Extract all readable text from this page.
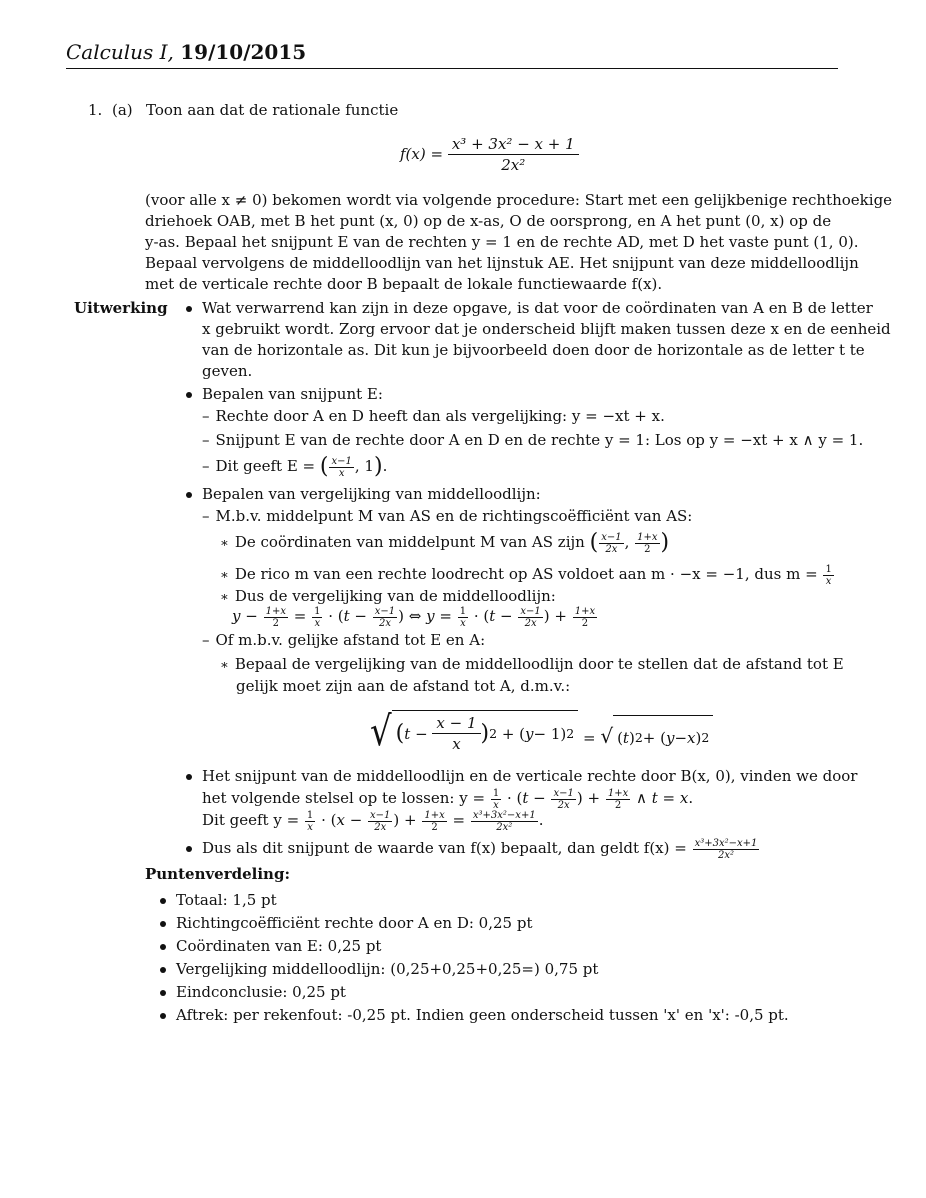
Calculus I, 19/10/2015
1. (a) Toon aan dat de rationale functie
$f(x) = \frac{\text{x³ + 3x² − x + 1}}{\text{2x²}}$
(voor alle x ≠ 0) bekomen wordt via volgende procedure: Start met een gelijkbenige rechthoekige
driehoek OAB, met B het punt (x, 0) op de x-as, O de oorsprong, en A het punt (0, x) op de
y-as. Bepaal het snijpunt E van de rechten y = 1 en de rechte AD, met D het vaste punt (1, 0).
Bepaal vervolgens de middelloodlijn van het lijnstuk AE. Het snijpunt van deze middelloodlijn
met de verticale rechte door B bepaalt de lokale functiewaarde f(x).
Uitwerking	Wat verwarrend kan zijn in deze opgave, is dat voor de coördinaten van A en B de letter
x gebruikt wordt. Zorg ervoor dat je onderscheid blijft maken tussen deze x en de eenheid
van de horizontale as. Dit kun je bijvoorbeeld doen door de horizontale as de letter t te
geven.
Bepalen van snijpunt E:
– Rechte door A en D heeft dan als vergelijking: y = −xt + x.
– Snijpunt E van de rechte door A en D en de rechte y = 1: Los op y = −xt + x ∧ y = 1.
– Dit geeft E = ( $\frac{x-1}{x}$ , 1).
Bepalen van vergelijking van middelloodlijn:
– M.b.v. middelpunt M van AS en de richtingscoëfficiënt van AS:
∗ De coördinaten van middelpunt M van AS zijn ( $\frac{x-1}{2x}$ , $\frac{1+x}{2}$ )
∗ De rico m van een rechte loodrecht op AS voldoet aan m · −x = −1, dus $m = \frac{1}{x}$
∗ Dus de vergelijking van de middelloodlijn:
$y - \frac{1+x}{2} = \frac{1}{x} \cdot (t - \frac{x-1}{2x}$ ) ⇔ $y = \frac{1}{x} \cdot (t - \frac{x-1}{2x}$ ) + $\frac{1+x}{2}$
– Of m.b.v. gelijke afstand tot E en A:
∗ Bepaal de vergelijking van de middelloodlijn door te stellen dat de afstand tot E
gelijk moet zijn aan de afstand tot A, d.m.v.:
√ ( $t - \frac{x - 1}{x}$ ) 2 + ( y − 1) 2 = √ ( t ) 2 + ( y − x ) 2
Het snijpunt van de middelloodlijn en de verticale rechte door B(x, 0), vinden we door
het volgende stelsel op te lossen: $y = \frac{1}{x} \cdot (t - \frac{x-1}{2x}$ ) + $\frac{1+x}{2}$ ∧ t = x.
Dit geeft $y = \frac{1}{x} \cdot (x - \frac{x-1}{2x}$ ) + $\frac{1+x}{2} = \frac{\text{x³+3x²−x+1}}{\text{2x²}}$ .
Dus als dit snijpunt de waarde van f(x) bepaalt, dan geldt $f(x) = \frac{\text{x³+3x²−x+1}}{\text{2x²}}$
Puntenverdeling:
Totaal: 1,5 pt
Richtingcoëfficiënt rechte door A en D: 0,25 pt
Coördinaten van E: 0,25 pt
Vergelijking middelloodlijn: (0,25+0,25+0,25=) 0,75 pt
Eindconclusie: 0,25 pt
Aftrek: per rekenfout: -0,25 pt. Indien geen onderscheid tussen 'x' en 'x': -0,5 pt.
